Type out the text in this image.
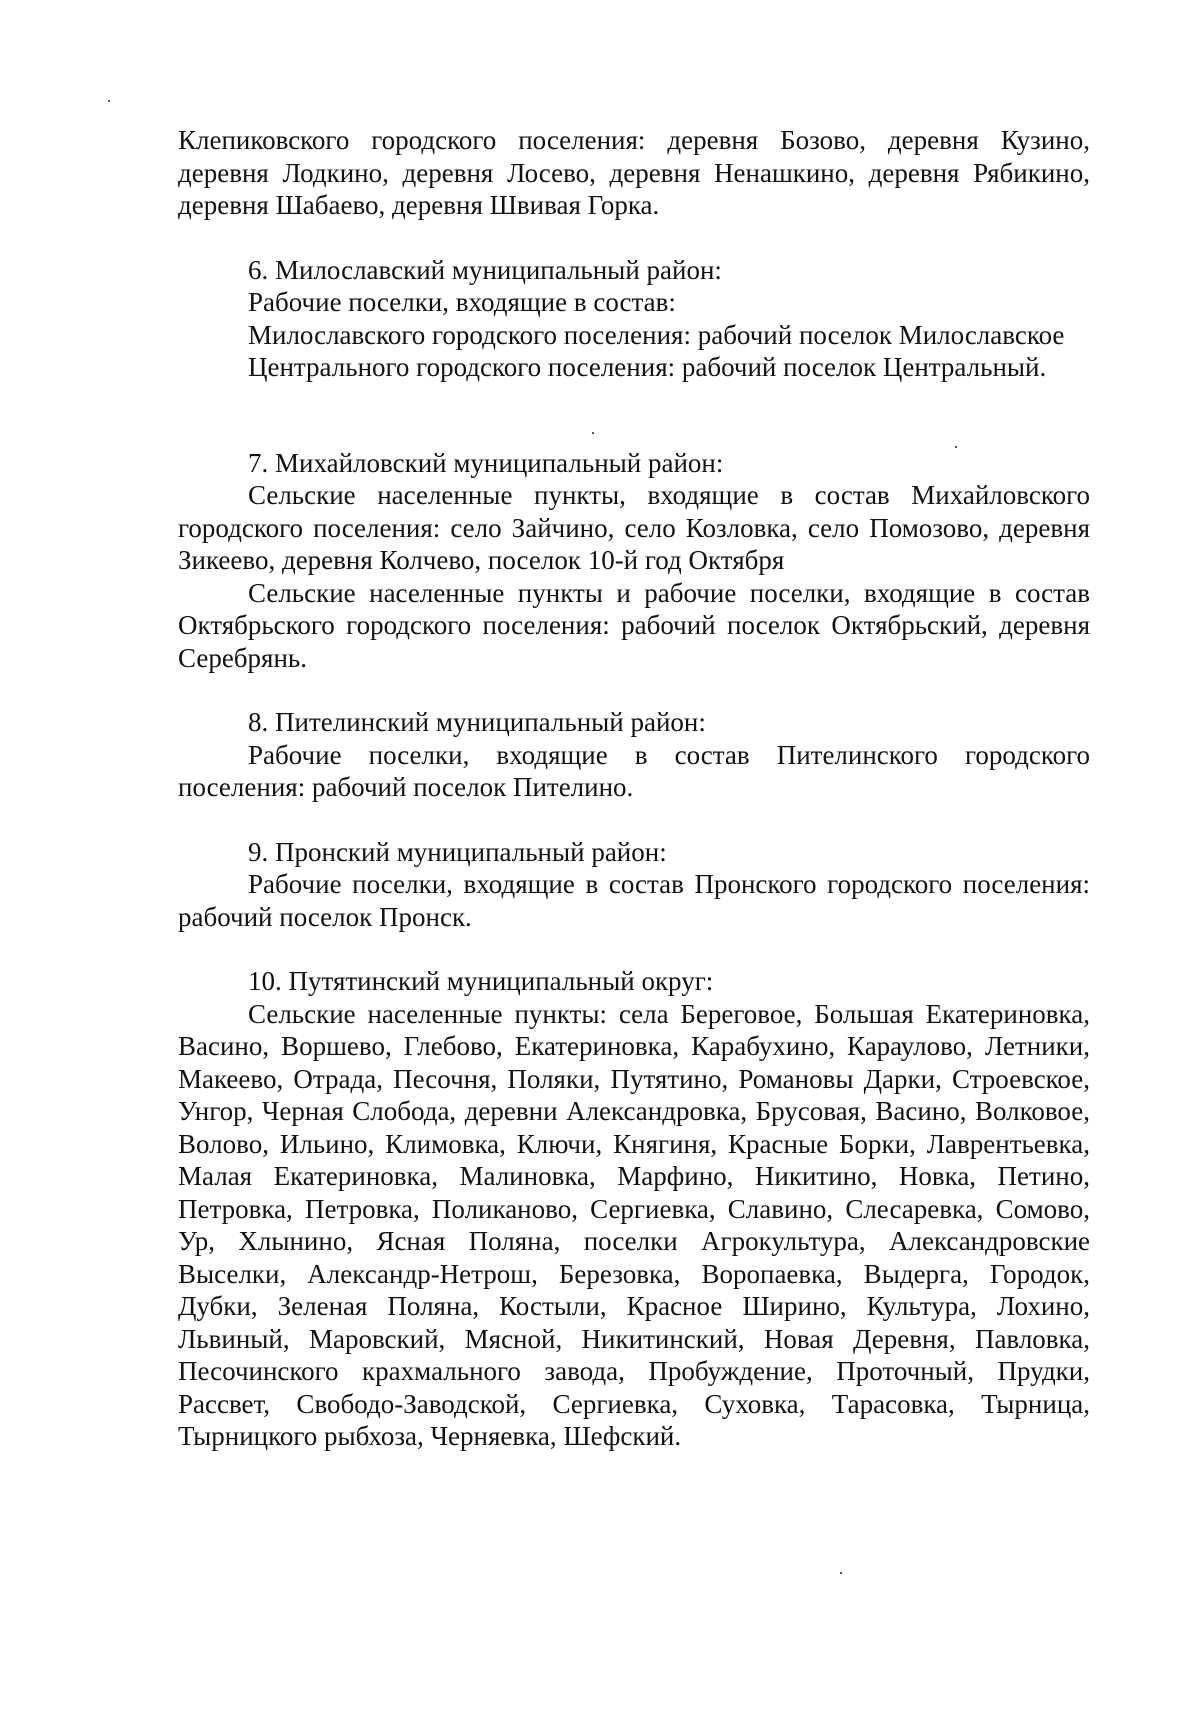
Клепиковского городского поселения: деревня Бозово, деревня Кузино, деревня Лодкино, деревня Лосево, деревня Ненашкино, деревня Рябикино, деревня Шабаево, деревня Швивая Горка.

6. Милославский муниципальный район:

Рабочие поселки, входящие в состав:

Милославского городского поселения: рабочий поселок Милославское

Центрального городского поселения: рабочий поселок Центральный.

7. Михайловский муниципальный район:

Сельские населенные пункты, входящие в состав Михайловского городского поселения: село Зайчино, село Козловка, село Помозово, деревня Зикеево, деревня Колчево, поселок 10-й год Октября

Сельские населенные пункты и рабочие поселки, входящие в состав Октябрьского городского поселения: рабочий поселок Октябрьский, деревня Серебрянь.

8. Пителинский муниципальный район:

Рабочие поселки, входящие в состав Пителинского городского поселения: рабочий поселок Пителино.

9. Пронский муниципальный район:

Рабочие поселки, входящие в состав Пронского городского поселения: рабочий поселок Пронск.

10. Путятинский муниципальный округ:

Сельские населенные пункты: села Береговое, Большая Екатериновка, Васино, Воршево, Глебово, Екатериновка, Карабухино, Караулово, Летники, Макеево, Отрада, Песочня, Поляки, Путятино, Романовы Дарки, Строевское, Унгор, Черная Слобода, деревни Александровка, Брусовая, Васино, Волковое, Волово, Ильино, Климовка, Ключи, Княгиня, Красные Борки, Лаврентьевка, Малая Екатериновка, Малиновка, Марфино, Никитино, Новка, Петино, Петровка, Петровка, Поликаново, Сергиевка, Славино, Слесаревка, Сомово, Ур, Хлынино, Ясная Поляна, поселки Агрокультура, Александровские Выселки, Александр-Нетрош, Березовка, Воропаевка, Выдерга, Городок, Дубки, Зеленая Поляна, Костыли, Красное Ширино, Культура, Лохино, Львиный, Маровский, Мясной, Никитинский, Новая Деревня, Павловка, Песочинского крахмального завода, Пробуждение, Проточный, Прудки, Рассвет, Свободо-Заводской, Сергиевка, Суховка, Тарасовка, Тырница, Тырницкого рыбхоза, Черняевка, Шефский.
